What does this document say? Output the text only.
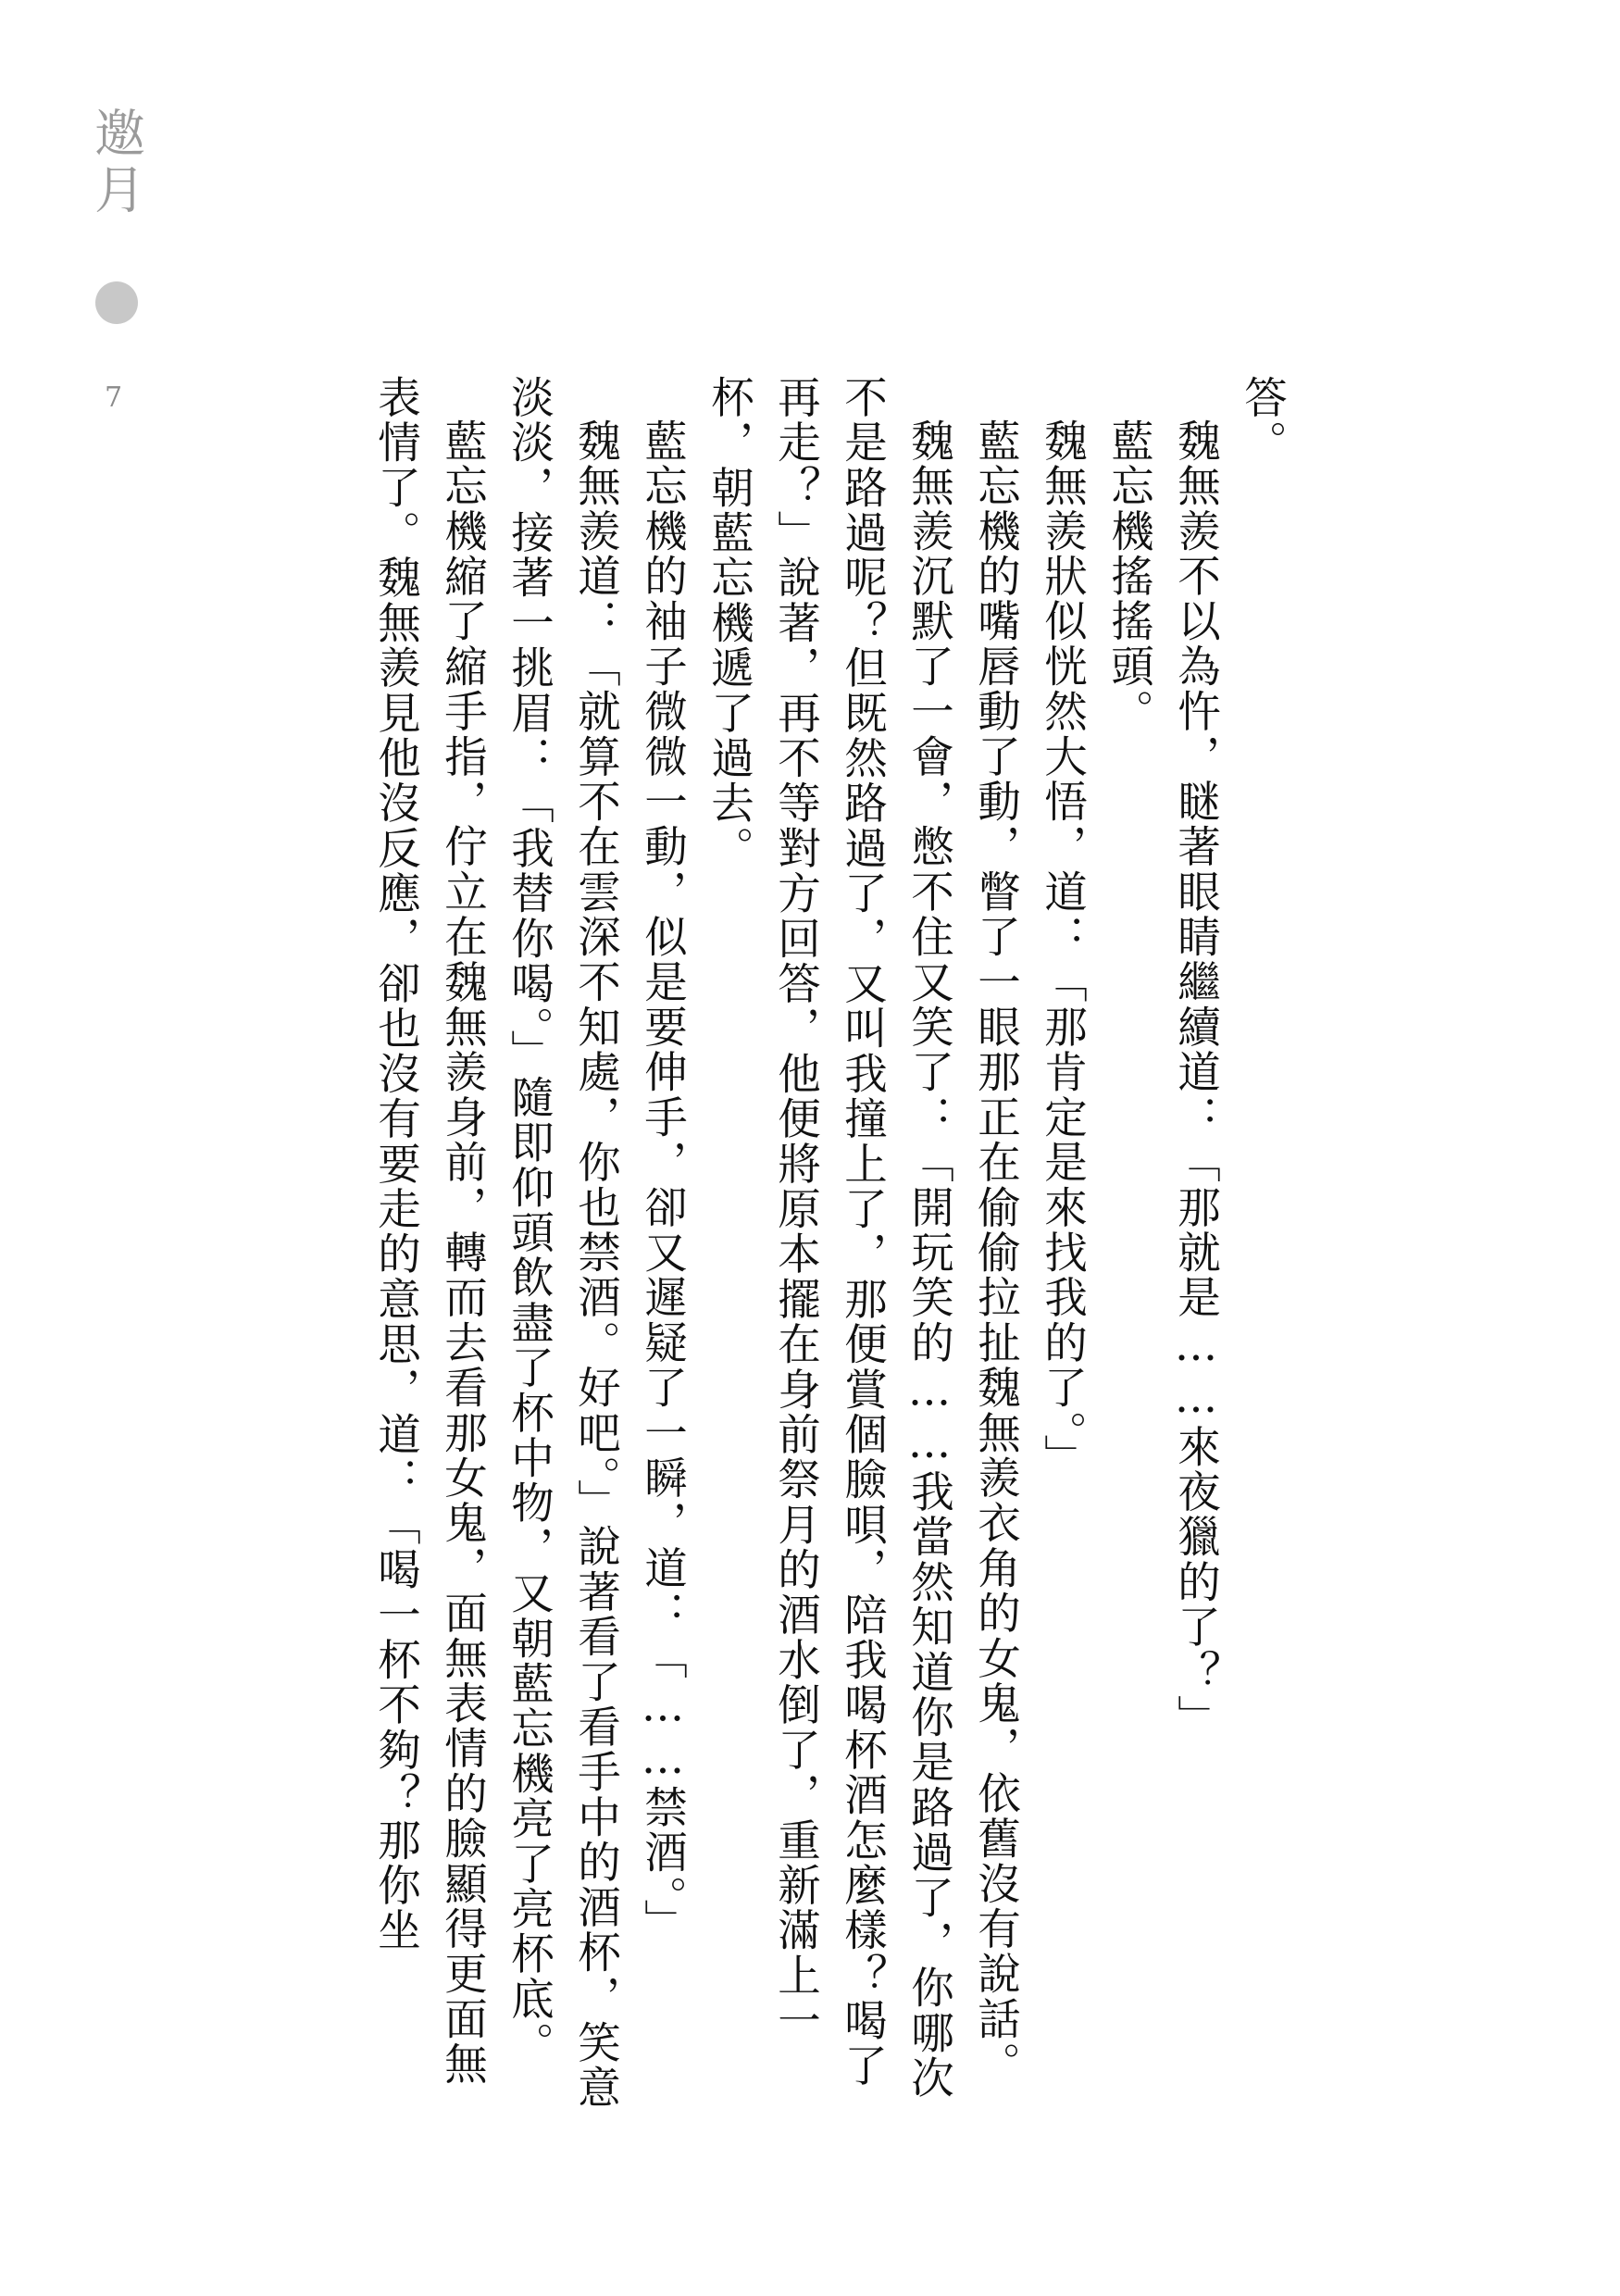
邀月
7	答。

魏無羨不以為忤，瞇著眼睛繼續道：「那就是……來夜獵的了？」

藍忘機搖搖頭。

魏無羨狀似恍然大悟，道：「那肯定是來找我的了。」

藍忘機的嘴唇動了動，瞥了一眼那正在偷偷拉扯魏無羨衣角的女鬼，依舊沒有說話。

魏無羨沉默了一會，憋不住又笑了：「開玩笑的……我當然知道你是路過了，你哪次不是路過呢？但既然路過了，又叫我撞上了，那便賞個臉唄，陪我喝杯酒怎麼樣？喝了再走？」說著，再不等對方回答，他便將原本擺在身前祭月的酒水倒了，重新滿上一杯，朝藍忘機遞了過去。

藍忘機的袖子微微一動，似是要伸手，卻又遲疑了一瞬，道：「……禁酒。」

魏無羨道：「就算不在雲深不知處，你也禁酒。好吧。」說著看了看手中的酒杯，笑意淡淡，接著一挑眉：「我替你喝。」隨即仰頭飲盡了杯中物，又朝藍忘機亮了亮杯底。

藍忘機縮了縮手指，佇立在魏無羨身前，轉而去看那女鬼，面無表情的臉顯得更面無表情了。魏無羨見他沒反應，卻也沒有要走的意思，道：「喝一杯不夠？那你坐
